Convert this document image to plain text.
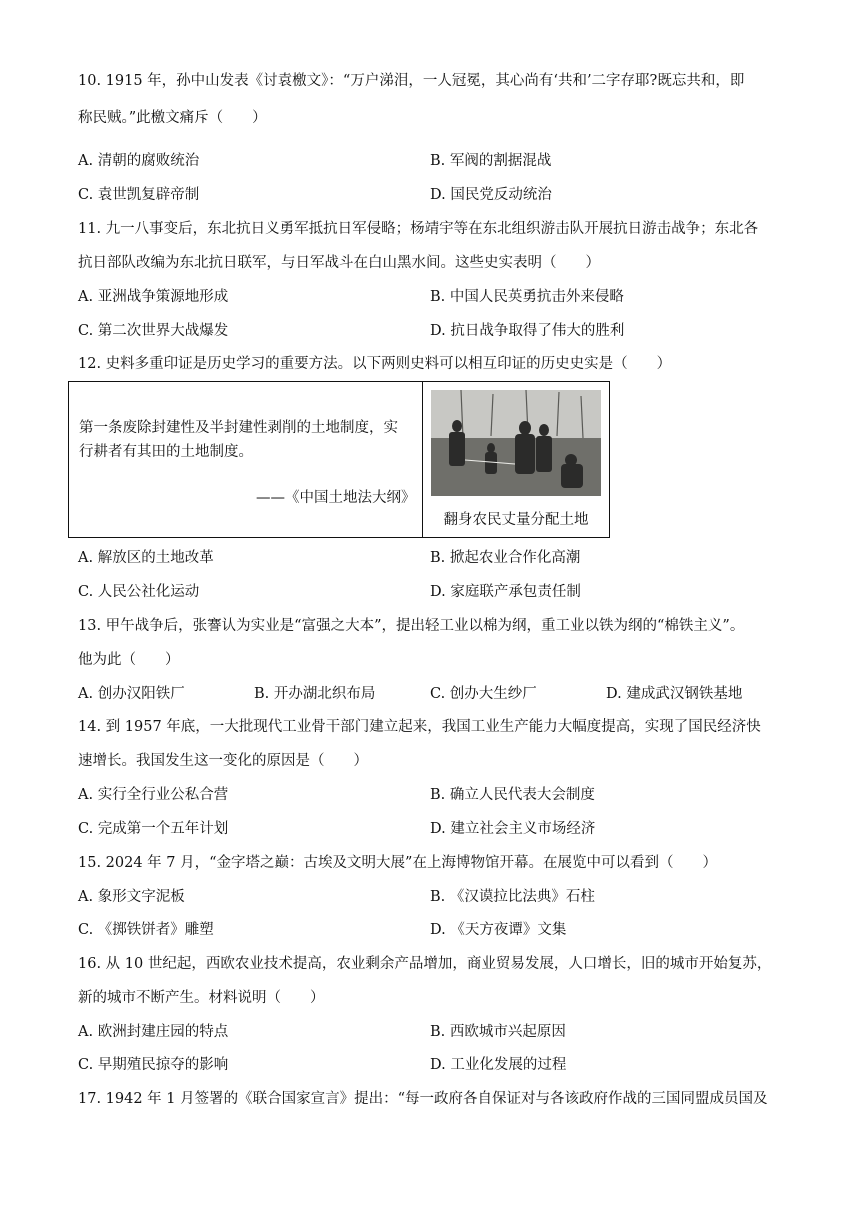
10. 1915 年，孙中山发表《讨袁檄文》：“万户涕泪，一人冠冕，其心尚有‘共和’二字存耶?既忘共和，即
称民贼。”此檄文痛斥（　　）
A. 清朝的腐败统治	B. 军阀的割据混战
C. 袁世凯复辟帝制	D. 国民党反动统治
11. 九一八事变后，东北抗日义勇军抵抗日军侵略；杨靖宇等在东北组织游击队开展抗日游击战争；东北各
抗日部队改编为东北抗日联军，与日军战斗在白山黑水间。这些史实表明（　　）
A. 亚洲战争策源地形成	B. 中国人民英勇抗击外来侵略
C. 第二次世界大战爆发	D. 抗日战争取得了伟大的胜利
12. 史料多重印证是历史学习的重要方法。以下两则史料可以相互印证的历史史实是（　　）
第一条废除封建性及半封建性剥削的土地制度，实行耕者有其田的土地制度。
——《中国土地法大纲》
翻身农民丈量分配土地
A. 解放区的土地改革	B. 掀起农业合作化高潮
C. 人民公社化运动	D. 家庭联产承包责任制
13. 甲午战争后，张謇认为实业是“富强之大本”，提出轻工业以棉为纲，重工业以铁为纲的“棉铁主义”。
他为此（　　）
A. 创办汉阳铁厂	B. 开办湖北织布局	C. 创办大生纱厂	D. 建成武汉钢铁基地
14. 到 1957 年底，一大批现代工业骨干部门建立起来，我国工业生产能力大幅度提高，实现了国民经济快
速增长。我国发生这一变化的原因是（　　）
A. 实行全行业公私合营	B. 确立人民代表大会制度
C. 完成第一个五年计划	D. 建立社会主义市场经济
15. 2024 年 7 月，“金字塔之巅：古埃及文明大展”在上海博物馆开幕。在展览中可以看到（　　）
A. 象形文字泥板	B. 《汉谟拉比法典》石柱
C. 《掷铁饼者》雕塑	D. 《天方夜谭》文集
16. 从 10 世纪起，西欧农业技术提高，农业剩余产品增加，商业贸易发展，人口增长，旧的城市开始复苏，
新的城市不断产生。材料说明（　　）
A. 欧洲封建庄园的特点	B. 西欧城市兴起原因
C. 早期殖民掠夺的影响	D. 工业化发展的过程
17. 1942 年 1 月签署的《联合国家宣言》提出：“每一政府各自保证对与各该政府作战的三国同盟成员国及
